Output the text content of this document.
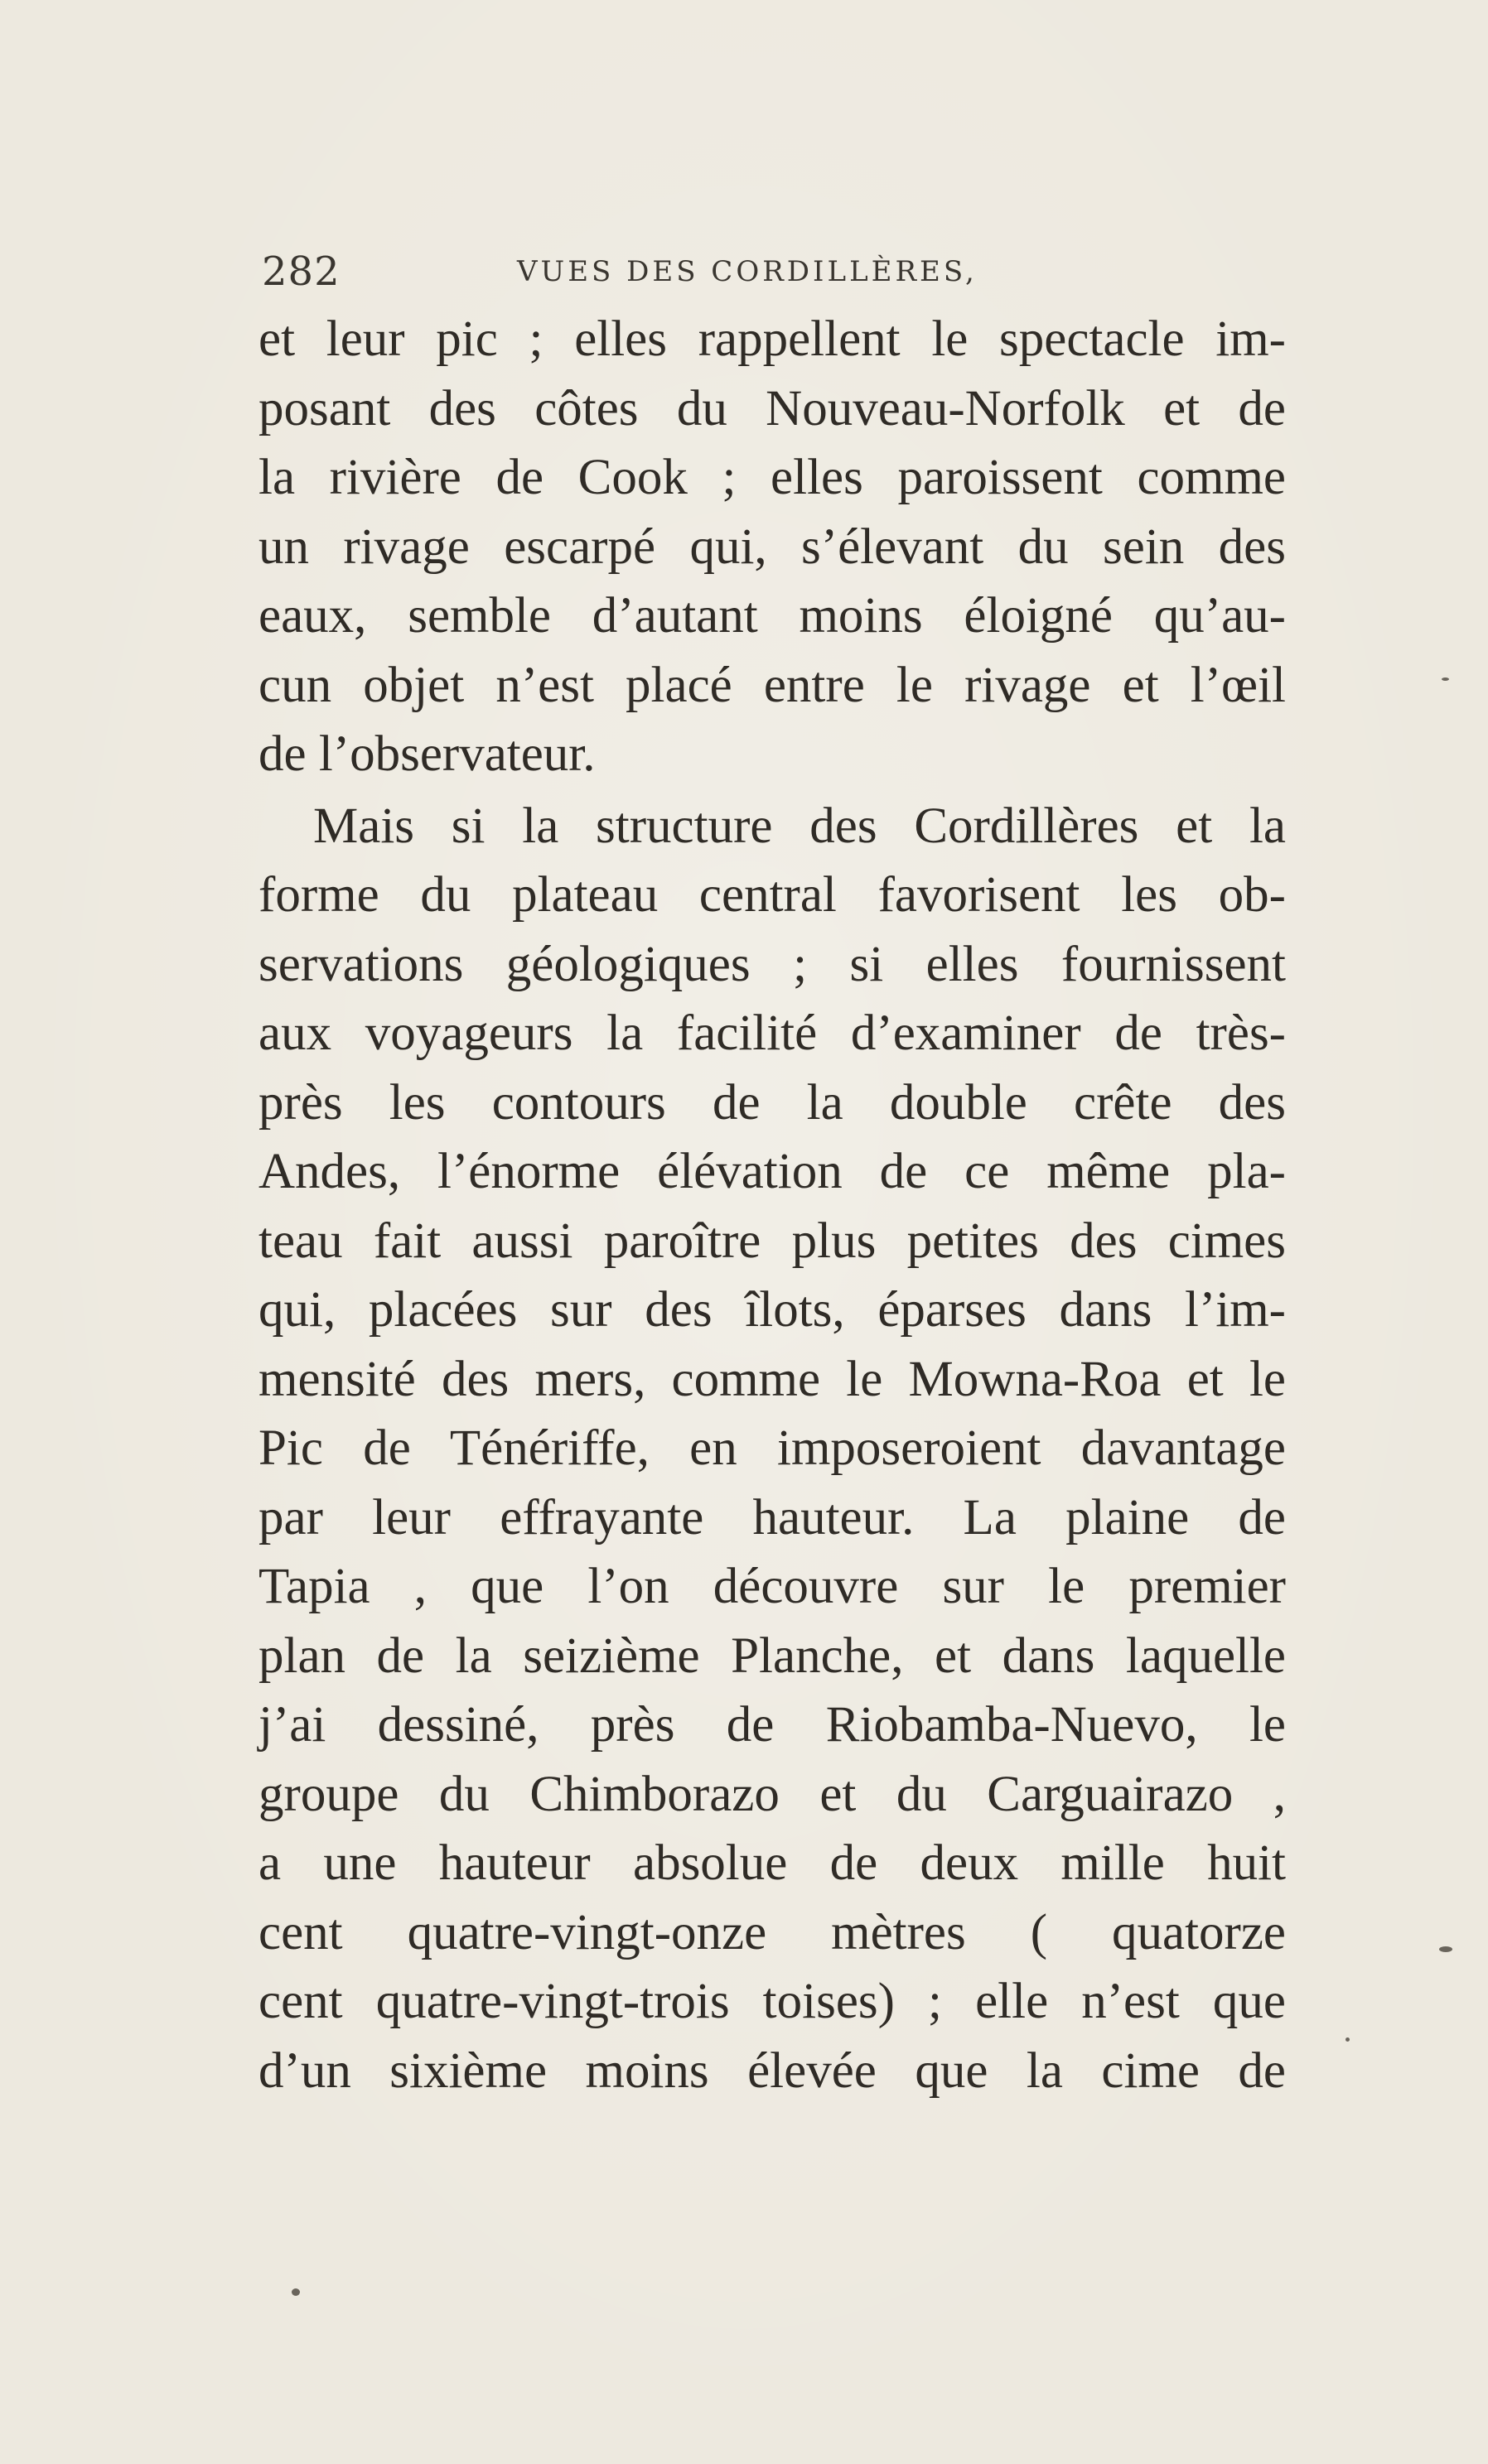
282	VUES DES CORDILLÈRES,
et leur pic ; elles rappellent le spectacle im-
posant des côtes du Nouveau-Norfolk et de
la rivière de Cook ; elles paroissent comme
un rivage escarpé qui, s’élevant du sein des
eaux, semble d’autant moins éloigné qu’au-
cun objet n’est placé entre le rivage et l’œil
de l’observateur.
Mais si la structure des Cordillères et la
forme du plateau central favorisent les ob-
servations géologiques ; si elles fournissent
aux voyageurs la facilité d’examiner de très-
près les contours de la double crête des
Andes, l’énorme élévation de ce même pla-
teau fait aussi paroître plus petites des cimes
qui, placées sur des îlots, éparses dans l’im-
mensité des mers, comme le Mowna-Roa et le
Pic de Ténériffe, en imposeroient davantage
par leur effrayante hauteur. La plaine de
Tapia , que l’on découvre sur le premier
plan de la seizième Planche, et dans laquelle
j’ai dessiné, près de Riobamba-Nuevo, le
groupe du Chimborazo et du Carguairazo ,
a une hauteur absolue de deux mille huit
cent quatre-vingt-onze mètres ( quatorze
cent quatre-vingt-trois toises) ; elle n’est que
d’un sixième moins élevée que la cime de
